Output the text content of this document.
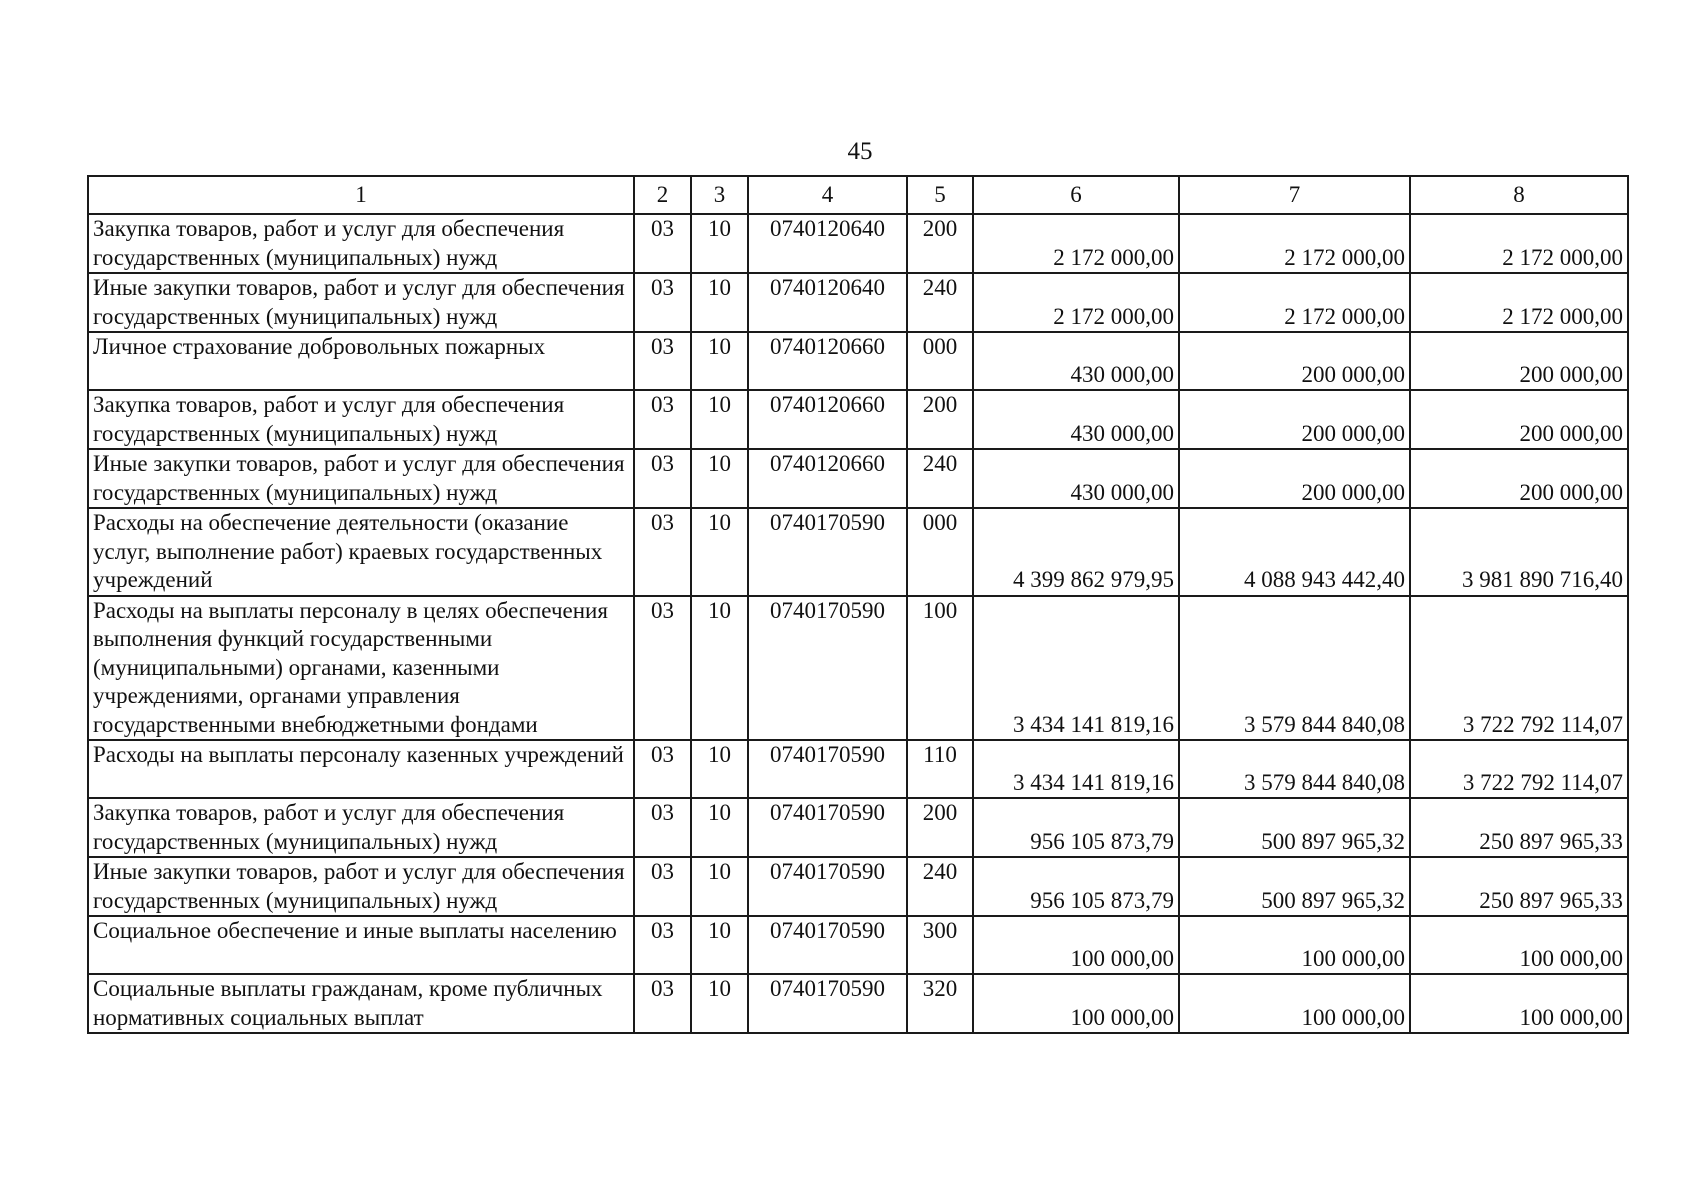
45
1	2	3	4	5	6	7	8
Закупка товаров, работ и услуг для обеспечения государственных (муниципальных) нужд	03	10	0740120640	200	2 172 000,00	2 172 000,00	2 172 000,00
Иные закупки товаров, работ и услуг для обеспечения государственных (муниципальных) нужд	03	10	0740120640	240	2 172 000,00	2 172 000,00	2 172 000,00
Личное страхование добровольных пожарных	03	10	0740120660	000	430 000,00	200 000,00	200 000,00
Закупка товаров, работ и услуг для обеспечения государственных (муниципальных) нужд	03	10	0740120660	200	430 000,00	200 000,00	200 000,00
Иные закупки товаров, работ и услуг для обеспечения государственных (муниципальных) нужд	03	10	0740120660	240	430 000,00	200 000,00	200 000,00
Расходы на обеспечение деятельности (оказание услуг, выполнение работ) краевых государственных учреждений	03	10	0740170590	000	4 399 862 979,95	4 088 943 442,40	3 981 890 716,40
Расходы на выплаты персоналу в целях обеспечения выполнения функций государственными (муниципальными) органами, казенными учреждениями, органами управления государственными внебюджетными фондами	03	10	0740170590	100	3 434 141 819,16	3 579 844 840,08	3 722 792 114,07
Расходы на выплаты персоналу казенных учреждений	03	10	0740170590	110	3 434 141 819,16	3 579 844 840,08	3 722 792 114,07
Закупка товаров, работ и услуг для обеспечения государственных (муниципальных) нужд	03	10	0740170590	200	956 105 873,79	500 897 965,32	250 897 965,33
Иные закупки товаров, работ и услуг для обеспечения государственных (муниципальных) нужд	03	10	0740170590	240	956 105 873,79	500 897 965,32	250 897 965,33
Социальное обеспечение и иные выплаты населению	03	10	0740170590	300	100 000,00	100 000,00	100 000,00
Социальные выплаты гражданам, кроме публичных нормативных социальных выплат	03	10	0740170590	320	100 000,00	100 000,00	100 000,00
